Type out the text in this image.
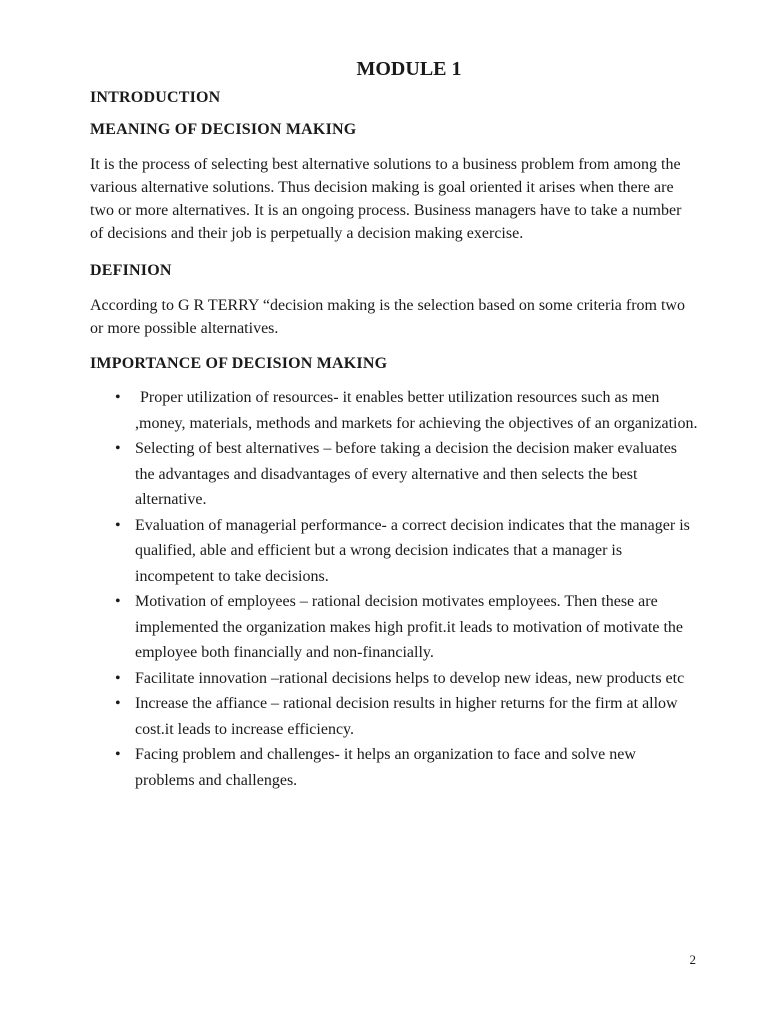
MODULE 1
INTRODUCTION
MEANING OF DECISION MAKING

It is the process of selecting best alternative solutions to a business problem from among the various alternative solutions. Thus decision making is goal oriented it arises when there are two or more alternatives. It is an ongoing process. Business managers have to take a number of decisions and their job is perpetually a decision making exercise.

DEFINION

According to G R TERRY “decision making is the selection based on some criteria from two or more possible alternatives.

IMPORTANCE OF DECISION MAKING
•	Proper utilization of resources- it enables better utilization resources such as men ,money, materials, methods and markets for achieving the objectives of an organization.
• Selecting of best alternatives – before taking a decision the decision maker evaluates the advantages and disadvantages of every alternative and then selects the best alternative.
• Evaluation of managerial performance- a correct decision indicates that the manager is qualified, able and efficient but a wrong decision indicates that a manager is incompetent to take decisions.
• Motivation of employees – rational decision motivates employees. Then these are implemented the organization makes high profit.it leads to motivation of motivate the employee both financially and non-financially.
• Facilitate innovation –rational decisions helps to develop new ideas, new products etc
• Increase the affiance – rational decision results in higher returns for the firm at allow cost.it leads to increase efficiency.
• Facing problem and challenges- it helps an organization to face and solve new problems and challenges.
2
